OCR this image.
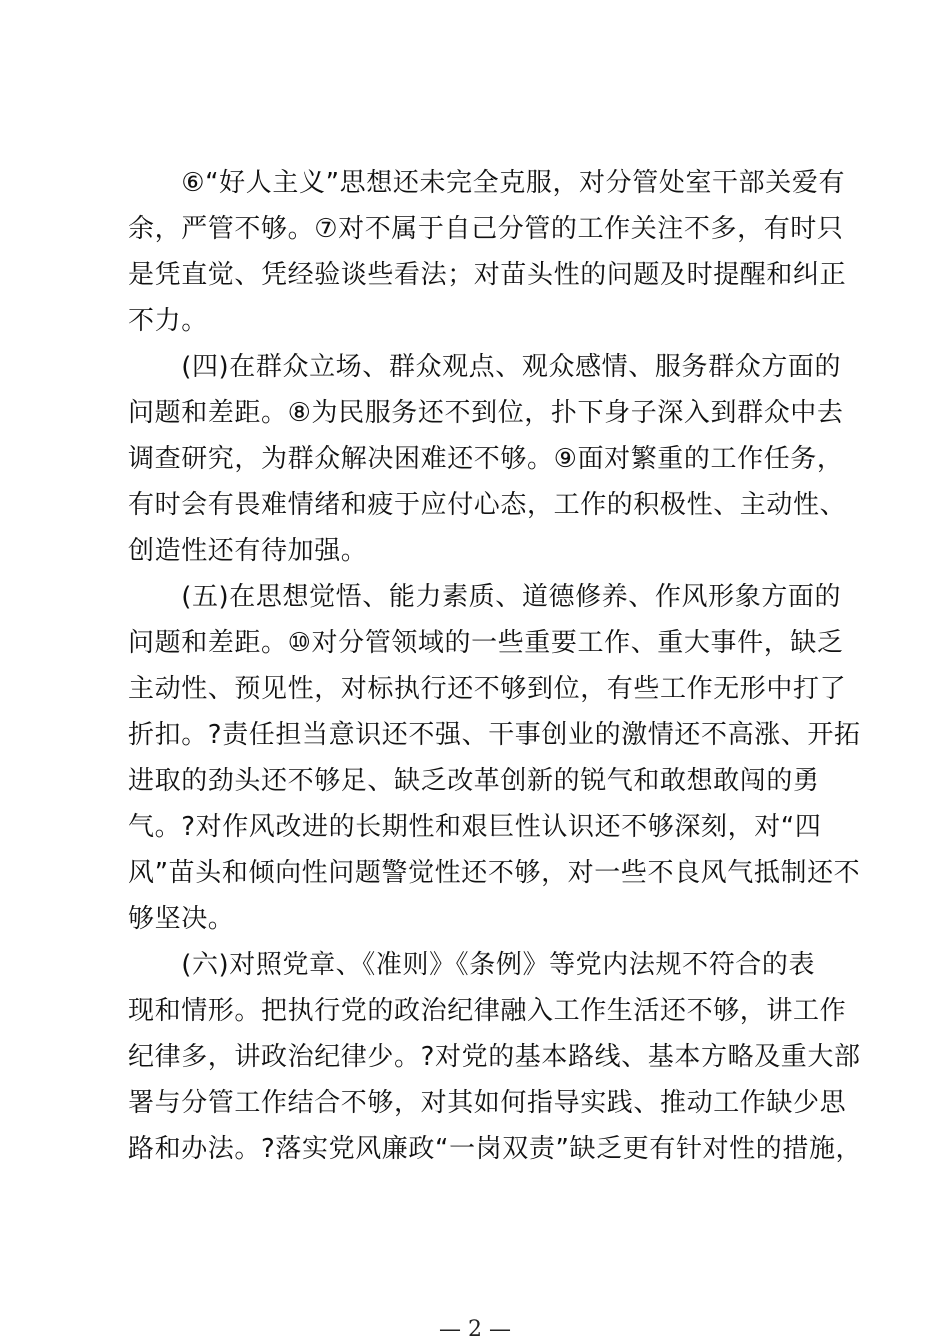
　　⑥“好人主义”思想还未完全克服，对分管处室干部关爱有
余，严管不够。⑦对不属于自己分管的工作关注不多，有时只
是凭直觉、凭经验谈些看法；对苗头性的问题及时提醒和纠正
不力。
　　(四)在群众立场、群众观点、观众感情、服务群众方面的
问题和差距。⑧为民服务还不到位，扑下身子深入到群众中去
调查研究，为群众解决困难还不够。⑨面对繁重的工作任务，
有时会有畏难情绪和疲于应付心态，工作的积极性、主动性、
创造性还有待加强。
　　(五)在思想觉悟、能力素质、道德修养、作风形象方面的
问题和差距。⑩对分管领域的一些重要工作、重大事件，缺乏
主动性、预见性，对标执行还不够到位，有些工作无形中打了
折扣。?责任担当意识还不强、干事创业的激情还不高涨、开拓
进取的劲头还不够足、缺乏改革创新的锐气和敢想敢闯的勇
气。?对作风改进的长期性和艰巨性认识还不够深刻，对“四
风”苗头和倾向性问题警觉性还不够，对一些不良风气抵制还不
够坚决。
　　(六)对照党章、《准则》《条例》等党内法规不符合的表
现和情形。把执行党的政治纪律融入工作生活还不够，讲工作
纪律多，讲政治纪律少。?对党的基本路线、基本方略及重大部
署与分管工作结合不够，对其如何指导实践、推动工作缺少思
路和办法。?落实党风廉政“一岗双责”缺乏更有针对性的措施，
— 2 —
